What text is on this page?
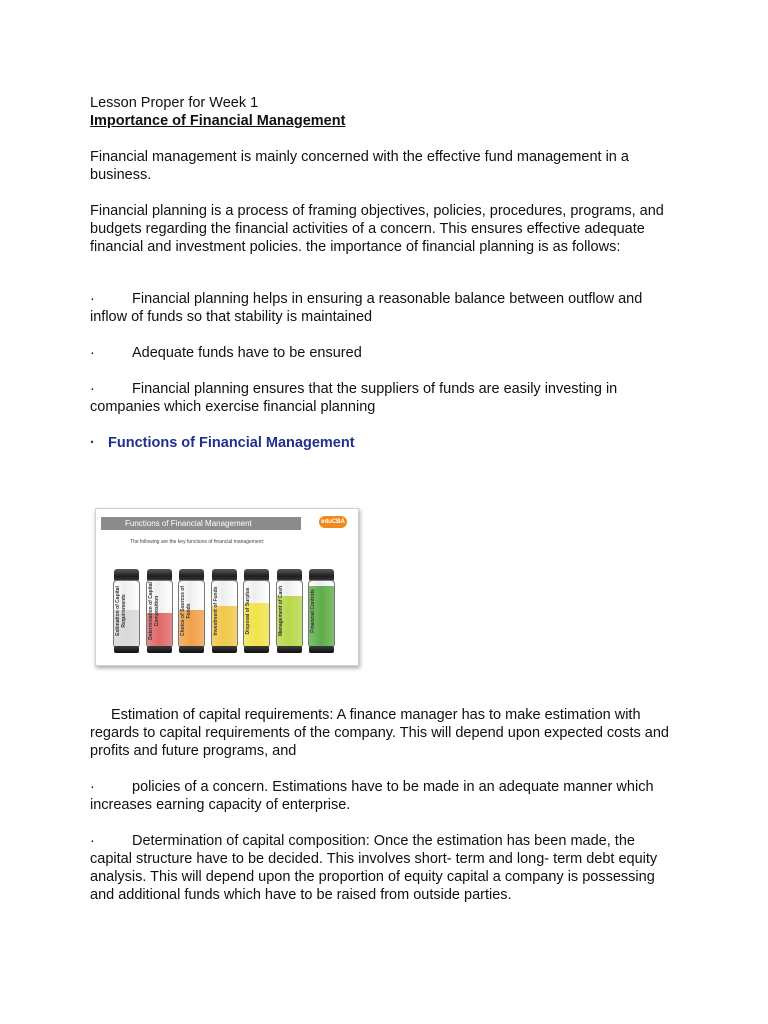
Lesson Proper for Week 1
Importance of Financial Management
Financial management is mainly concerned with the effective fund management in a business.
Financial planning is a process of framing objectives, policies, procedures, programs, and budgets regarding the financial activities of a concern. This ensures effective adequate financial and investment policies. the importance of financial planning is as follows:
·	Financial planning helps in ensuring a reasonable balance between outflow and inflow of funds so that stability is maintained
·	Adequate funds have to be ensured
·	Financial planning ensures that the suppliers of funds are easily investing in companies which exercise financial planning
· Functions of Financial Management
Functions of Financial Management	eduCBA
The following are the key functions of financial management:
Estimation of Capital Requirements	Determination of Capital Composition	Choice of Sources of Funds	Investment of Funds	Disposal of Surplus	Management of Cash	Financial Controls
Estimation of capital requirements: A finance manager has to make estimation with regards to capital requirements of the company. This will depend upon expected costs and profits and future programs, and
·	policies of a concern. Estimations have to be made in an adequate manner which increases earning capacity of enterprise.
·	Determination of capital composition: Once the estimation has been made, the capital structure have to be decided. This involves short- term and long- term debt equity analysis. This will depend upon the proportion of equity capital a company is possessing and additional funds which have to be raised from outside parties.
